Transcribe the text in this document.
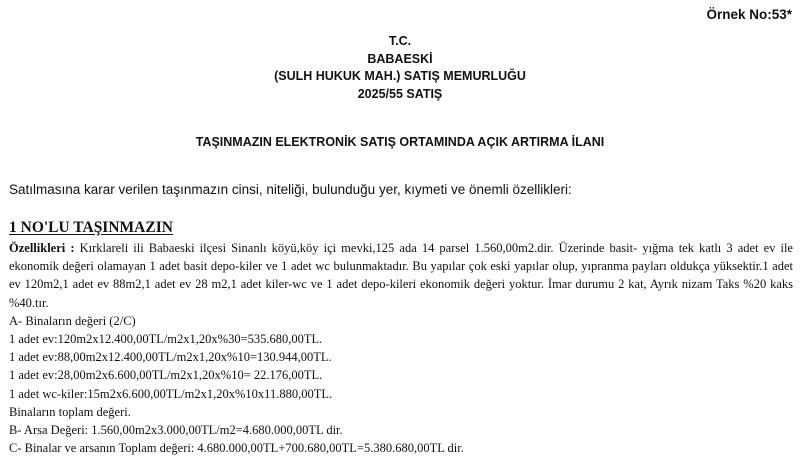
Örnek No:53*
T.C.
BABAESKİ
(SULH HUKUK MAH.) SATIŞ MEMURLUĞU
2025/55 SATIŞ
TAŞINMAZIN ELEKTRONİK SATIŞ ORTAMINDA AÇIK ARTIRMA İLANI
Satılmasına karar verilen taşınmazın cinsi, niteliği, bulunduğu yer, kıymeti ve önemli özellikleri:
1 NO'LU TAŞINMAZIN

Özellikleri : Kırklareli ili Babaeski ilçesi Sinanlı köyü,köy içi mevki,125 ada 14 parsel 1.560,00m2.dir. Üzerinde basit- yığma tek katlı 3 adet ev ile ekonomik değeri olamayan 1 adet basit depo-kiler ve 1 adet wc bulunmaktadır. Bu yapılar çok eski yapılar olup, yıpranma payları oldukça yüksektir.1 adet ev 120m2,1 adet ev 88m2,1 adet ev 28 m2,1 adet kiler-wc ve 1 adet depo-kileri ekonomik değeri yoktur. İmar durumu 2 kat, Ayrık nizam Taks %20 kaks %40.tır.

A- Binaların değeri (2/C)

1 adet ev:120m2x12.400,00TL/m2x1,20x%30=535.680,00TL.

1 adet ev:88,00m2x12.400,00TL/m2x1,20x%10=130.944,00TL.

1 adet ev:28,00m2x6.600,00TL/m2x1,20x%10= 22.176,00TL.

1 adet wc-kiler:15m2x6.600,00TL/m2x1,20x%10x11.880,00TL.

Binaların toplam değeri.

B- Arsa Değeri: 1.560,00m2x3.000,00TL/m2=4.680.000,00TL dir.

C- Binalar ve arsanın Toplam değeri: 4.680.000,00TL+700.680,00TL=5.380.680,00TL dir.
